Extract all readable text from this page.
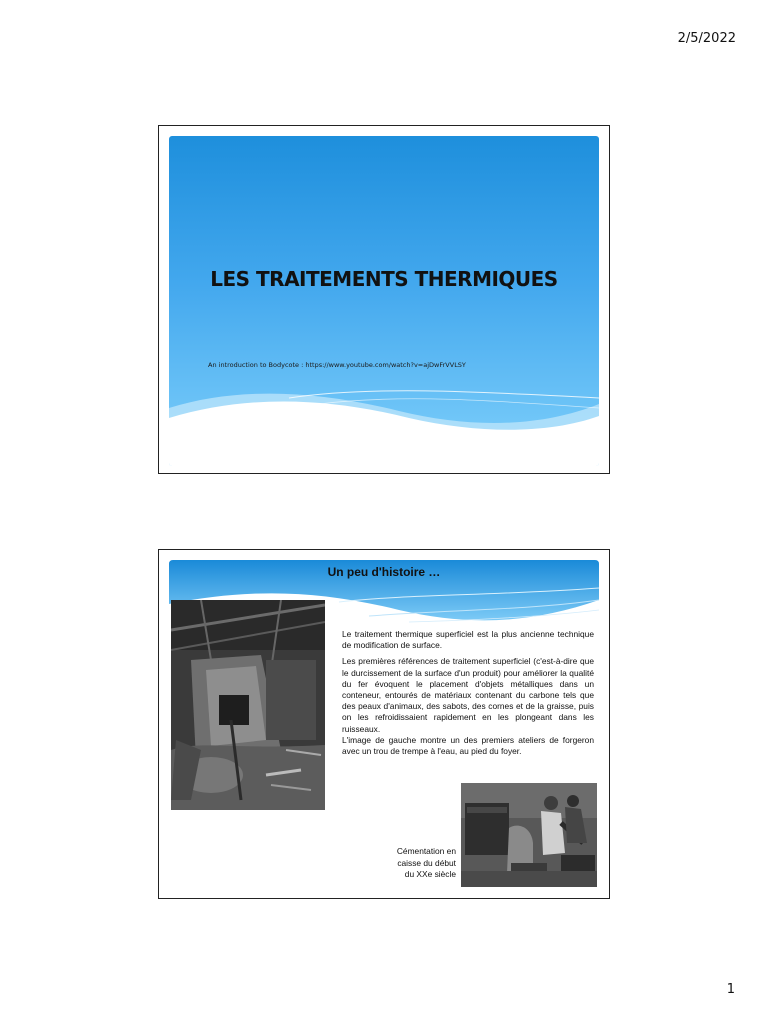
2/5/2022
LES TRAITEMENTS THERMIQUES
An introduction to Bodycote : https://www.youtube.com/watch?v=ajDwFrVVLSY
Un peu d'histoire …

Le traitement thermique superficiel est la plus ancienne technique de modification de surface.

Les premières références de traitement superficiel (c'est-à-dire que le durcissement de la surface d'un produit) pour améliorer la qualité du fer évoquent le placement d'objets métalliques dans un conteneur, entourés de matériaux contenant du carbone tels que des peaux d'animaux, des sabots, des cornes et de la graisse, puis on les refroidissaient rapidement en les plongeant dans les ruisseaux.

L'image de gauche montre un des premiers ateliers de forgeron avec un trou de trempe à l'eau, au pied du foyer.

Cémentation en
caisse du début
du XXe siècle
1
